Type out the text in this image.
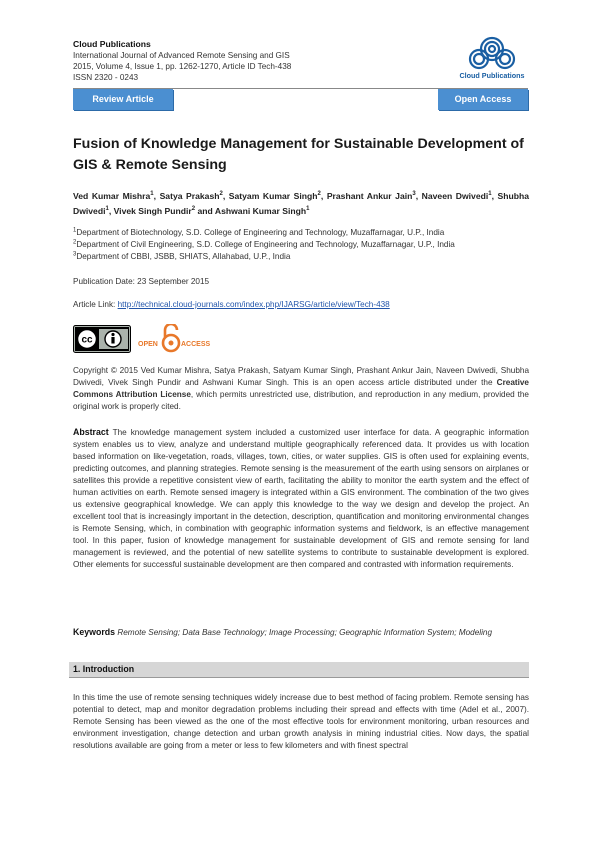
Cloud Publications
International Journal of Advanced Remote Sensing and GIS
2015, Volume 4, Issue 1, pp. 1262-1270, Article ID Tech-438
ISSN 2320 - 0243	Cloud Publications
Review Article	Open Access
Fusion of Knowledge Management for Sustainable Development of GIS & Remote Sensing
Ved Kumar Mishra$^1$, Satya Prakash$^2$, Satyam Kumar Singh$^2$, Prashant Ankur Jain$^3$, Naveen Dwivedi$^1$, Shubha Dwivedi$^1$, Vivek Singh Pundir$^2$ and Ashwani Kumar Singh$^1$
$^1$Department of Biotechnology, S.D. College of Engineering and Technology, Muzaffarnagar, U.P., India
$^2$Department of Civil Engineering, S.D. College of Engineering and Technology, Muzaffarnagar, U.P., India
$^3$Department of CBBI, JSBB, SHIATS, Allahabad, U.P., India
Publication Date: 23 September 2015
Article Link: http://technical.cloud-journals.com/index.php/IJARSG/article/view/Tech-438
cc	OPEN	ACCESS
Copyright © 2015 Ved Kumar Mishra, Satya Prakash, Satyam Kumar Singh, Prashant Ankur Jain, Naveen Dwivedi, Shubha Dwivedi, Vivek Singh Pundir and Ashwani Kumar Singh. This is an open access article distributed under the Creative Commons Attribution License, which permits unrestricted use, distribution, and reproduction in any medium, provided the original work is properly cited.
Abstract The knowledge management system included a customized user interface for data. A geographic information system enables us to view, analyze and understand multiple geographically referenced data. It provides us with location based information on like-vegetation, roads, villages, town, cities, or water supplies. GIS is often used for explaining events, predicting outcomes, and planning strategies. Remote sensing is the measurement of the earth using sensors on airplanes or satellites this provide a repetitive consistent view of earth, facilitating the ability to monitor the earth system and the effect of human activities on earth. Remote sensed imagery is integrated within a GIS environment. The combination of the two gives us extensive geographical knowledge. We can apply this knowledge to the way we design and develop the project. An excellent tool that is increasingly important in the detection, description, quantification and monitoring environmental changes is Remote Sensing, which, in combination with geographic information systems and fieldwork, is an effective management tool. In this paper, fusion of knowledge management for sustainable development of GIS and remote sensing for land management is reviewed, and the potential of new satellite systems to contribute to sustainable development is explored. Other elements for successful sustainable development are then compared and contrasted with information requirements.
Keywords Remote Sensing; Data Base Technology; Image Processing; Geographic Information System; Modeling
1. Introduction
In this time the use of remote sensing techniques widely increase due to best method of facing problem. Remote sensing has potential to detect, map and monitor degradation problems including their spread and effects with time (Adel et al., 2007). Remote Sensing has been viewed as the one of the most effective tools for environment monitoring, urban resources and environment investigation, change detection and urban growth analysis in mining industrial cities. Now days, the spatial resolutions available are going from a meter or less to few kilometers and with finest spectral
